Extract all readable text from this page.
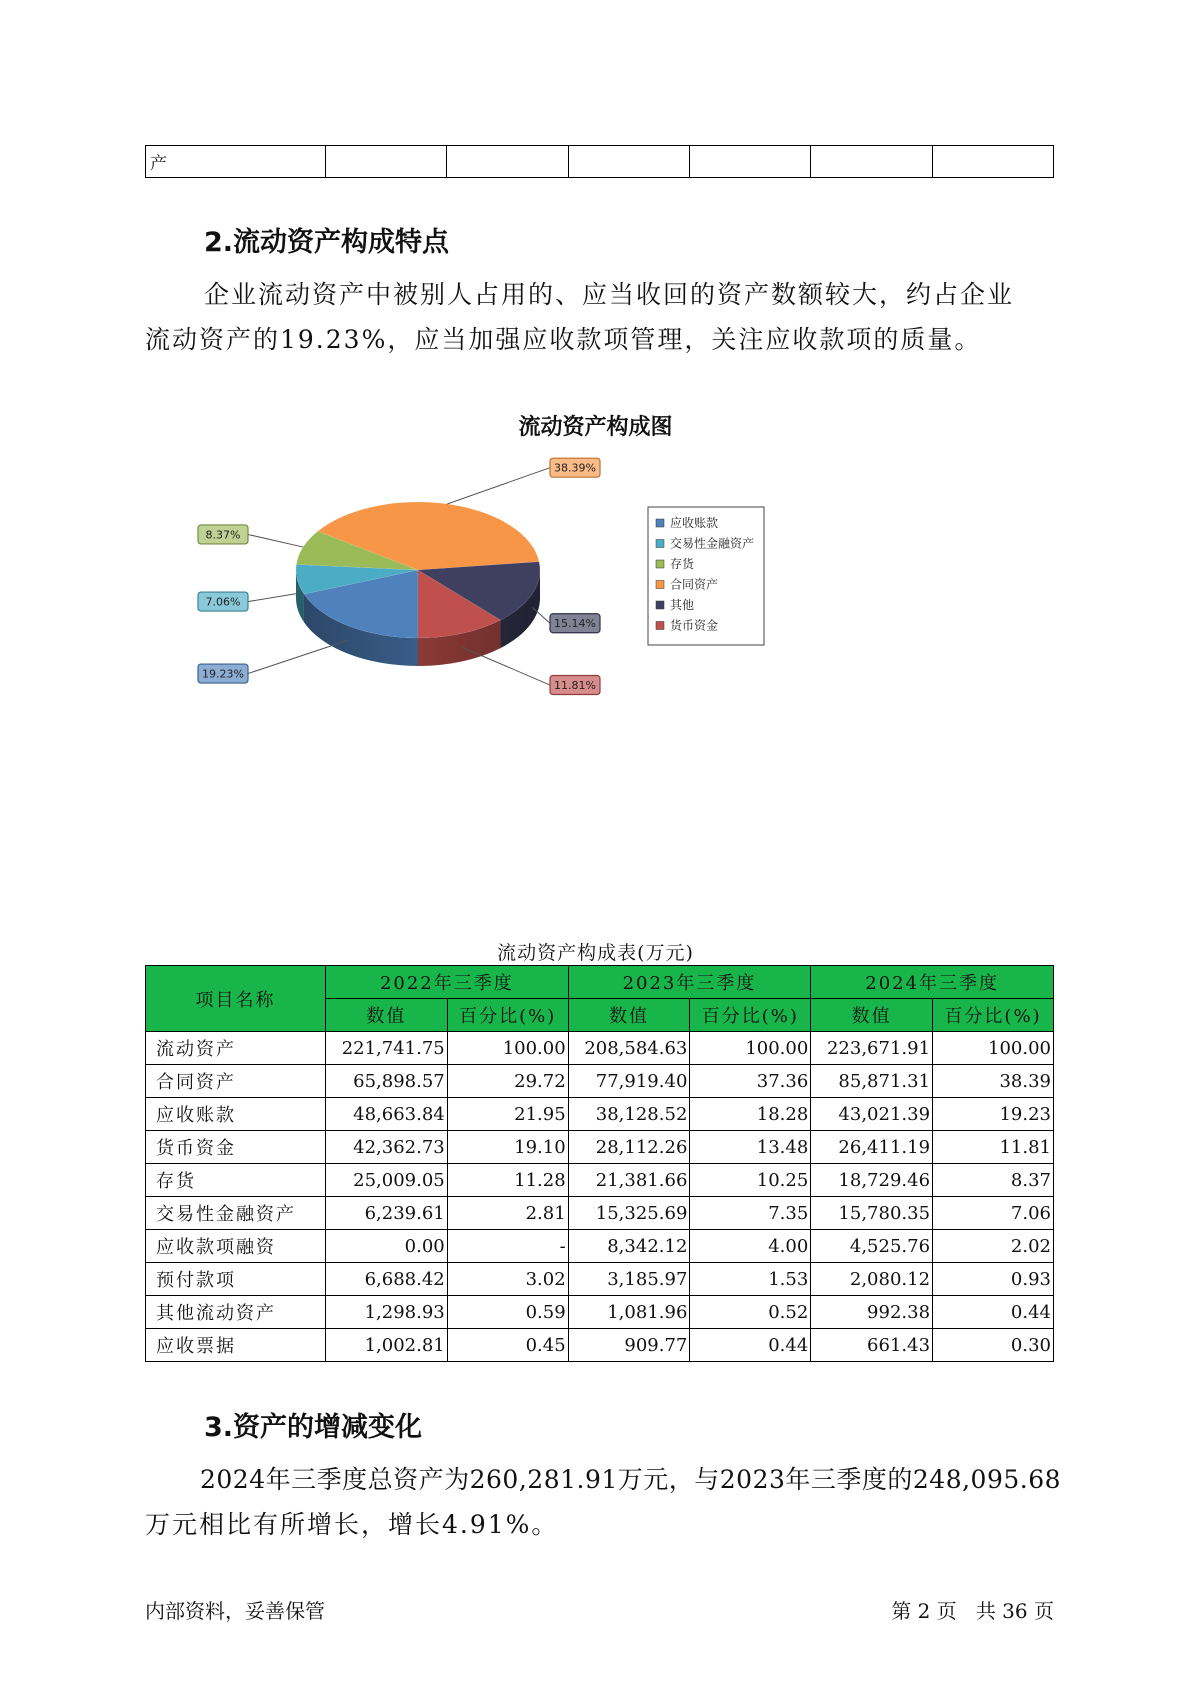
产						
2.流动资产构成特点
企业流动资产中被别人占用的、应当收回的资产数额较大，约占企业
流动资产的19.23%，应当加强应收款项管理，关注应收款项的质量。
流动资产构成图
19.23%
7.06%
8.37%
38.39%
15.14%
11.81%
应收账款
交易性金融资产
存货
合同资产
其他
货币资金
流动资产构成表(万元)
项目名称	2022年三季度		2023年三季度		2024年三季度	
	数值	百分比(%)	数值	百分比(%)	数值	百分比(%)
流动资产	221,741.75	100.00	208,584.63	100.00	223,671.91	100.00
合同资产	65,898.57	29.72	77,919.40	37.36	85,871.31	38.39
应收账款	48,663.84	21.95	38,128.52	18.28	43,021.39	19.23
货币资金	42,362.73	19.10	28,112.26	13.48	26,411.19	11.81
存货	25,009.05	11.28	21,381.66	10.25	18,729.46	8.37
交易性金融资产	6,239.61	2.81	15,325.69	7.35	15,780.35	7.06
应收款项融资	0.00	-	8,342.12	4.00	4,525.76	2.02
预付款项	6,688.42	3.02	3,185.97	1.53	2,080.12	0.93
其他流动资产	1,298.93	0.59	1,081.96	0.52	992.38	0.44
应收票据	1,002.81	0.45	909.77	0.44	661.43	0.30
3.资产的增减变化
2024年三季度总资产为260,281.91万元，与2023年三季度的248,095.68
万元相比有所增长，增长4.91%。
内部资料，妥善保管	第 2 页   共 36 页
